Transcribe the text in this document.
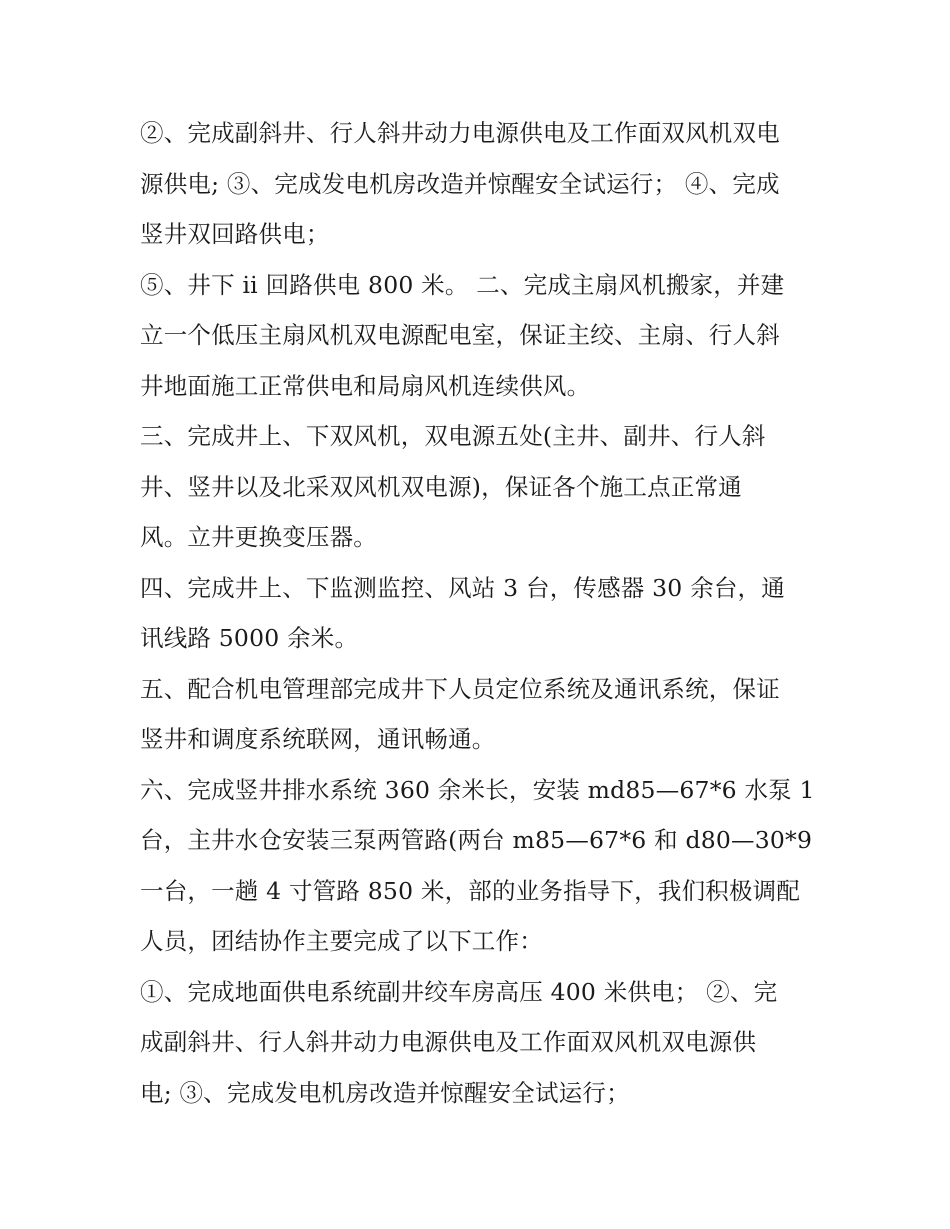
②、完成副斜井、行人斜井动力电源供电及工作面双风机双电
源供电; ③、完成发电机房改造并惊醒安全试运行； ④、完成
竖井双回路供电；
⑤、井下 ii 回路供电 800 米。 二、完成主扇风机搬家，并建
立一个低压主扇风机双电源配电室，保证主绞、主扇、行人斜
井地面施工正常供电和局扇风机连续供风。
三、完成井上、下双风机，双电源五处(主井、副井、行人斜
井、竖井以及北采双风机双电源)，保证各个施工点正常通
风。立井更换变压器。
四、完成井上、下监测监控、风站 3 台，传感器 30 余台，通
讯线路 5000 余米。
五、配合机电管理部完成井下人员定位系统及通讯系统，保证
竖井和调度系统联网，通讯畅通。
六、完成竖井排水系统 360 余米长，安装 md85—67*6 水泵 1
台，主井水仓安装三泵两管路(两台 m85—67*6 和 d80—30*9
一台，一趟 4 寸管路 850 米，部的业务指导下，我们积极调配
人员，团结协作主要完成了以下工作：
①、完成地面供电系统副井绞车房高压 400 米供电； ②、完
成副斜井、行人斜井动力电源供电及工作面双风机双电源供
电; ③、完成发电机房改造并惊醒安全试运行；
